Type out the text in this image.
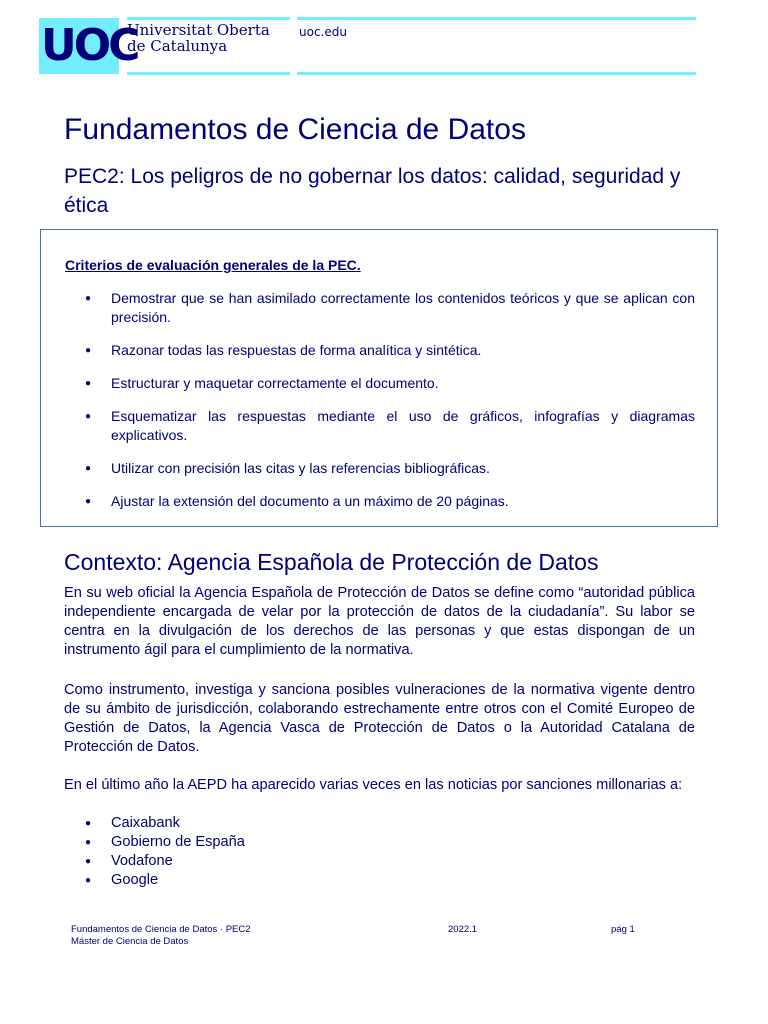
UOC
Universitat Oberta
de Catalunya
uoc.edu
Fundamentos de Ciencia de Datos

PEC2: Los peligros de no gobernar los datos: calidad, seguridad y ética

Criterios de evaluación generales de la PEC.
● Demostrar que se han asimilado correctamente los contenidos teóricos y que se aplican con precisión.
● Razonar todas las respuestas de forma analítica y sintética.
● Estructurar y maquetar correctamente el documento.
● Esquematizar las respuestas mediante el uso de gráficos, infografías y diagramas explicativos.
● Utilizar con precisión las citas y las referencias bibliográficas.
● Ajustar la extensión del documento a un máximo de 20 páginas.
Contexto: Agencia Española de Protección de Datos

En su web oficial la Agencia Española de Protección de Datos se define como “autoridad pública independiente encargada de velar por la protección de datos de la ciudadanía”. Su labor se centra en la divulgación de los derechos de las personas y que estas dispongan de un instrumento ágil para el cumplimiento de la normativa.

Como instrumento, investiga y sanciona posibles vulneraciones de la normativa vigente dentro de su ámbito de jurisdicción, colaborando estrechamente entre otros con el Comité Europeo de Gestión de Datos, la Agencia Vasca de Protección de Datos o la Autoridad Catalana de Protección de Datos.

En el último año la AEPD ha aparecido varias veces en las noticias por sanciones millonarias a:

● Caixabank
● Gobierno de España
● Vodafone
● Google
Fundamentos de Ciencia de Datos · PEC2
Máster de Ciencia de Datos
2022.1	pág 1
